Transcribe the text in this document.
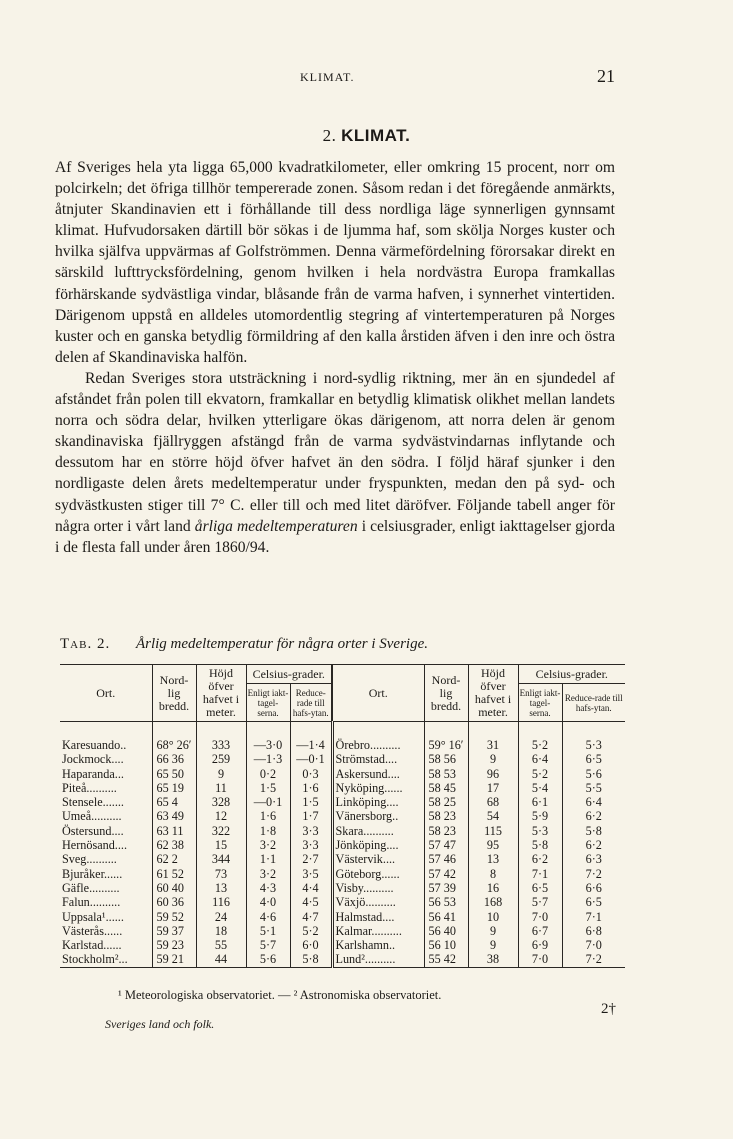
KLIMAT.	21
2. KLIMAT.

Af Sveriges hela yta ligga 65,000 kvadratkilometer, eller omkring 15 procent, norr om polcirkeln; det öfriga tillhör tempererade zonen. Såsom redan i det föregående anmärkts, åtnjuter Skandinavien ett i förhållande till dess nordliga läge synnerligen gynnsamt klimat. Hufvudorsaken därtill bör sökas i de ljumma haf, som skölja Norges kuster och hvilka själfva uppvärmas af Golfströmmen. Denna värmefördelning förorsakar direkt en särskild lufttrycksfördelning, genom hvilken i hela nordvästra Europa framkallas förhärskande sydvästliga vindar, blåsande från de varma hafven, i synnerhet vintertiden. Därigenom uppstå en alldeles utomordentlig stegring af vintertemperaturen på Norges kuster och en ganska betydlig förmildring af den kalla årstiden äfven i den inre och östra delen af Skandinaviska halfön.

Redan Sveriges stora utsträckning i nord-sydlig riktning, mer än en sjundedel af afståndet från polen till ekvatorn, framkallar en betydlig klimatisk olikhet mellan landets norra och södra delar, hvilken ytterligare ökas därigenom, att norra delen är genom skandinaviska fjällryggen afstängd från de varma sydvästvindarnas inflytande och dessutom har en större höjd öfver hafvet än den södra. I följd häraf sjunker i den nordligaste delen årets medeltemperatur under fryspunkten, medan den på syd- och sydvästkusten stiger till 7° C. eller till och med litet däröfver. Följande tabell anger för några orter i vårt land årliga medeltemperaturen i celsiusgrader, enligt iakttagelser gjorda i de flesta fall under åren 1860/94.

Tab. 2. Årlig medeltemperatur för några orter i Sverige.
Ort.	Nord-lig bredd.	Höjd öfver hafvet i meter.	Celsius-grader.		Ort.	Nord-lig bredd.	Höjd öfver hafvet i meter.	Celsius-grader.	
			Enligt iakt-tagel-serna.	Reduce-rade till hafs-ytan.				Enligt iakt-tagel-serna.	Reduce-rade till hafs-ytan.

Karesuando..	68° 26′	333	—3·0	—1·4	Örebro..........	59° 16′	31	5·2	5·3
Jockmock....	66 36	259	—1·3	—0·1	Strömstad....	58 56	9	6·4	6·5
Haparanda...	65 50	9	0·2	0·3	Askersund....	58 53	96	5·2	5·6
Piteå..........	65 19	11	1·5	1·6	Nyköping......	58 45	17	5·4	5·5
Stensele.......	65 4	328	—0·1	1·5	Linköping....	58 25	68	6·1	6·4
Umeå..........	63 49	12	1·6	1·7	Vänersborg..	58 23	54	5·9	6·2
Östersund....	63 11	322	1·8	3·3	Skara..........	58 23	115	5·3	5·8
Hernösand....	62 38	15	3·2	3·3	Jönköping....	57 47	95	5·8	6·2
Sveg..........	62 2	344	1·1	2·7	Västervik....	57 46	13	6·2	6·3
Bjuråker......	61 52	73	3·2	3·5	Göteborg......	57 42	8	7·1	7·2
Gäfle..........	60 40	13	4·3	4·4	Visby..........	57 39	16	6·5	6·6
Falun..........	60 36	116	4·0	4·5	Växjö..........	56 53	168	5·7	6·5
Uppsala¹......	59 52	24	4·6	4·7	Halmstad....	56 41	10	7·0	7·1
Västerås......	59 37	18	5·1	5·2	Kalmar..........	56 40	9	6·7	6·8
Karlstad......	59 23	55	5·7	6·0	Karlshamn..	56 10	9	6·9	7·0
Stockholm²...	59 21	44	5·6	5·8	Lund²..........	55 42	38	7·0	7·2
¹ Meteorologiska observatoriet. — ² Astronomiska observatoriet.
Sveriges land och folk.
2†
